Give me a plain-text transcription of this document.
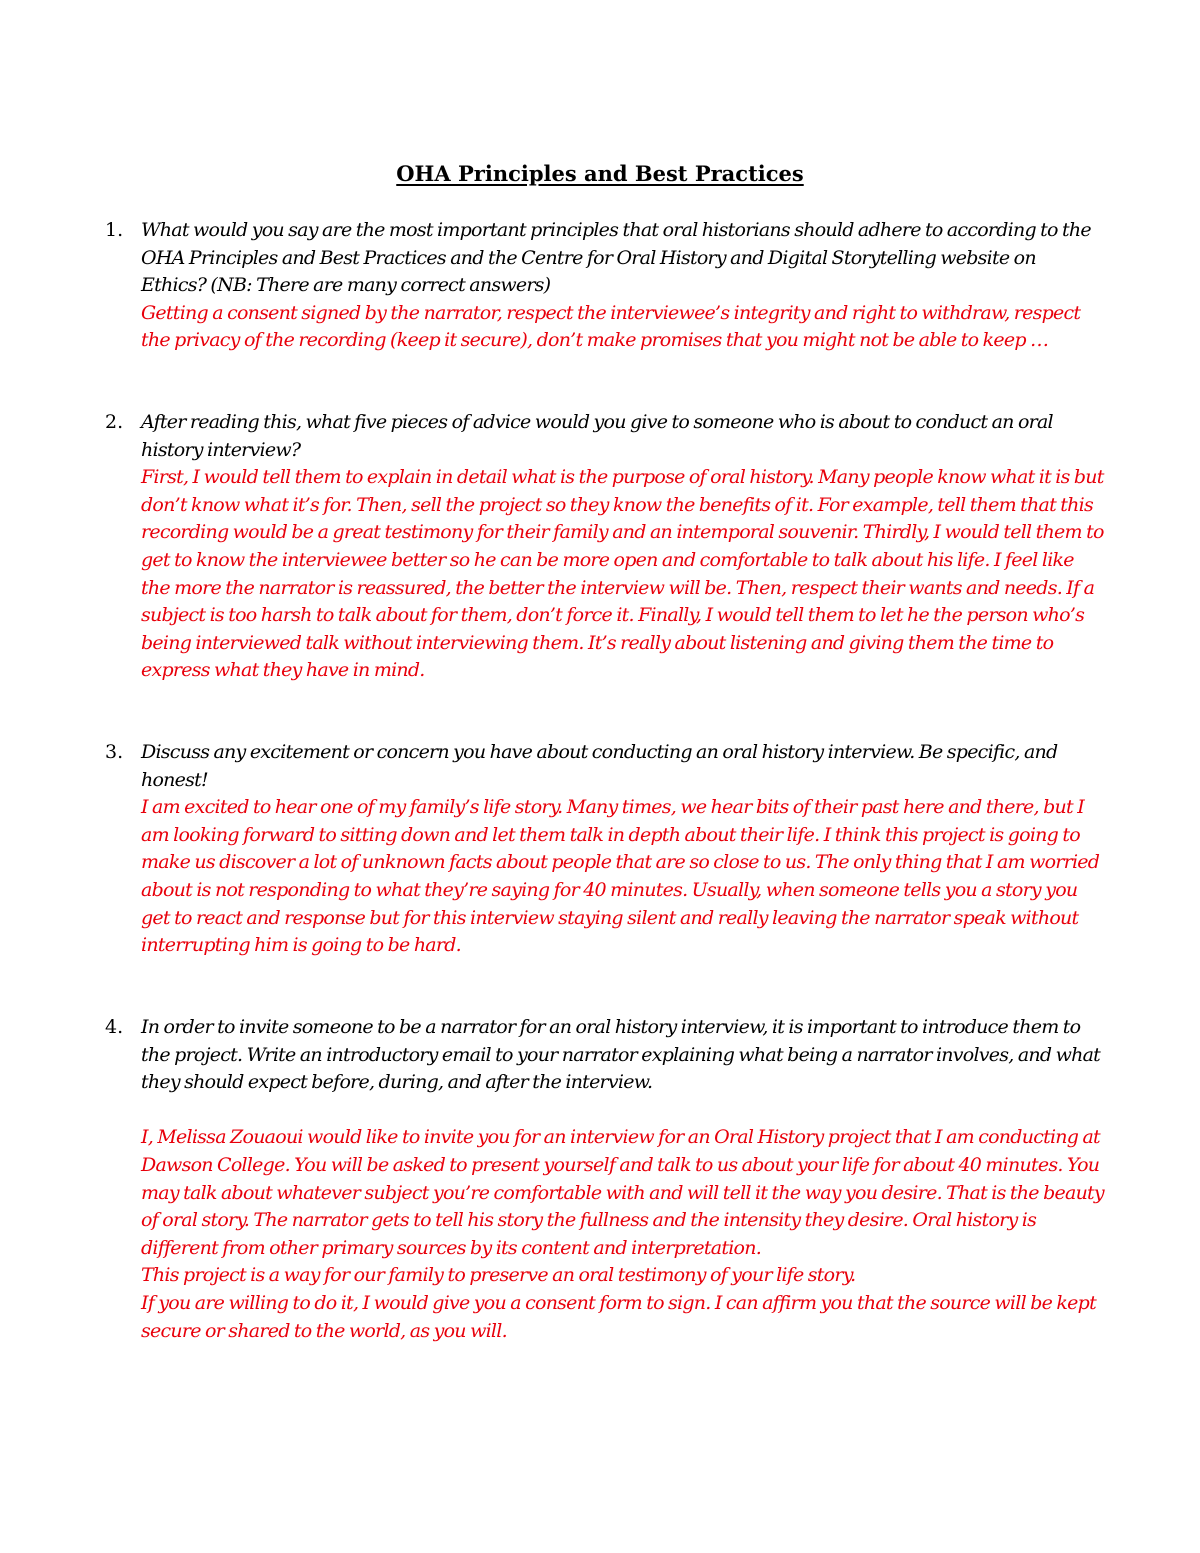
OHA Principles and Best Practices
1. What would you say are the most important principles that oral historians should adhere to according to the OHA Principles and Best Practices and the Centre for Oral History and Digital Storytelling website on Ethics? (NB: There are many correct answers)
Getting a consent signed by the narrator, respect the interviewee’s integrity and right to withdraw, respect the privacy of the recording (keep it secure), don’t make promises that you might not be able to keep …
2. After reading this, what five pieces of advice would you give to someone who is about to conduct an oral history interview?
First, I would tell them to explain in detail what is the purpose of oral history. Many people know what it is but don’t know what it’s for. Then, sell the project so they know the benefits of it. For example, tell them that this recording would be a great testimony for their family and an intemporal souvenir. Thirdly, I would tell them to get to know the interviewee better so he can be more open and comfortable to talk about his life. I feel like the more the narrator is reassured, the better the interview will be. Then, respect their wants and needs. If a subject is too harsh to talk about for them, don’t force it. Finally, I would tell them to let he the person who’s being interviewed talk without interviewing them. It’s really about listening and giving them the time to express what they have in mind.
3. Discuss any excitement or concern you have about conducting an oral history interview. Be specific, and honest!
I am excited to hear one of my family’s life story. Many times, we hear bits of their past here and there, but I am looking forward to sitting down and let them talk in depth about their life. I think this project is going to make us discover a lot of unknown facts about people that are so close to us. The only thing that I am worried about is not responding to what they’re saying for 40 minutes. Usually, when someone tells you a story you get to react and response but for this interview staying silent and really leaving the narrator speak without interrupting him is going to be hard.
4. In order to invite someone to be a narrator for an oral history interview, it is important to introduce them to the project. Write an introductory email to your narrator explaining what being a narrator involves, and what they should expect before, during, and after the interview.
I, Melissa Zouaoui would like to invite you for an interview for an Oral History project that I am conducting at Dawson College. You will be asked to present yourself and talk to us about your life for about 40 minutes. You may talk about whatever subject you’re comfortable with and will tell it the way you desire. That is the beauty of oral story. The narrator gets to tell his story the fullness and the intensity they desire. Oral history is different from other primary sources by its content and interpretation.
This project is a way for our family to preserve an oral testimony of your life story.
If you are willing to do it, I would give you a consent form to sign. I can affirm you that the source will be kept secure or shared to the world, as you will.
